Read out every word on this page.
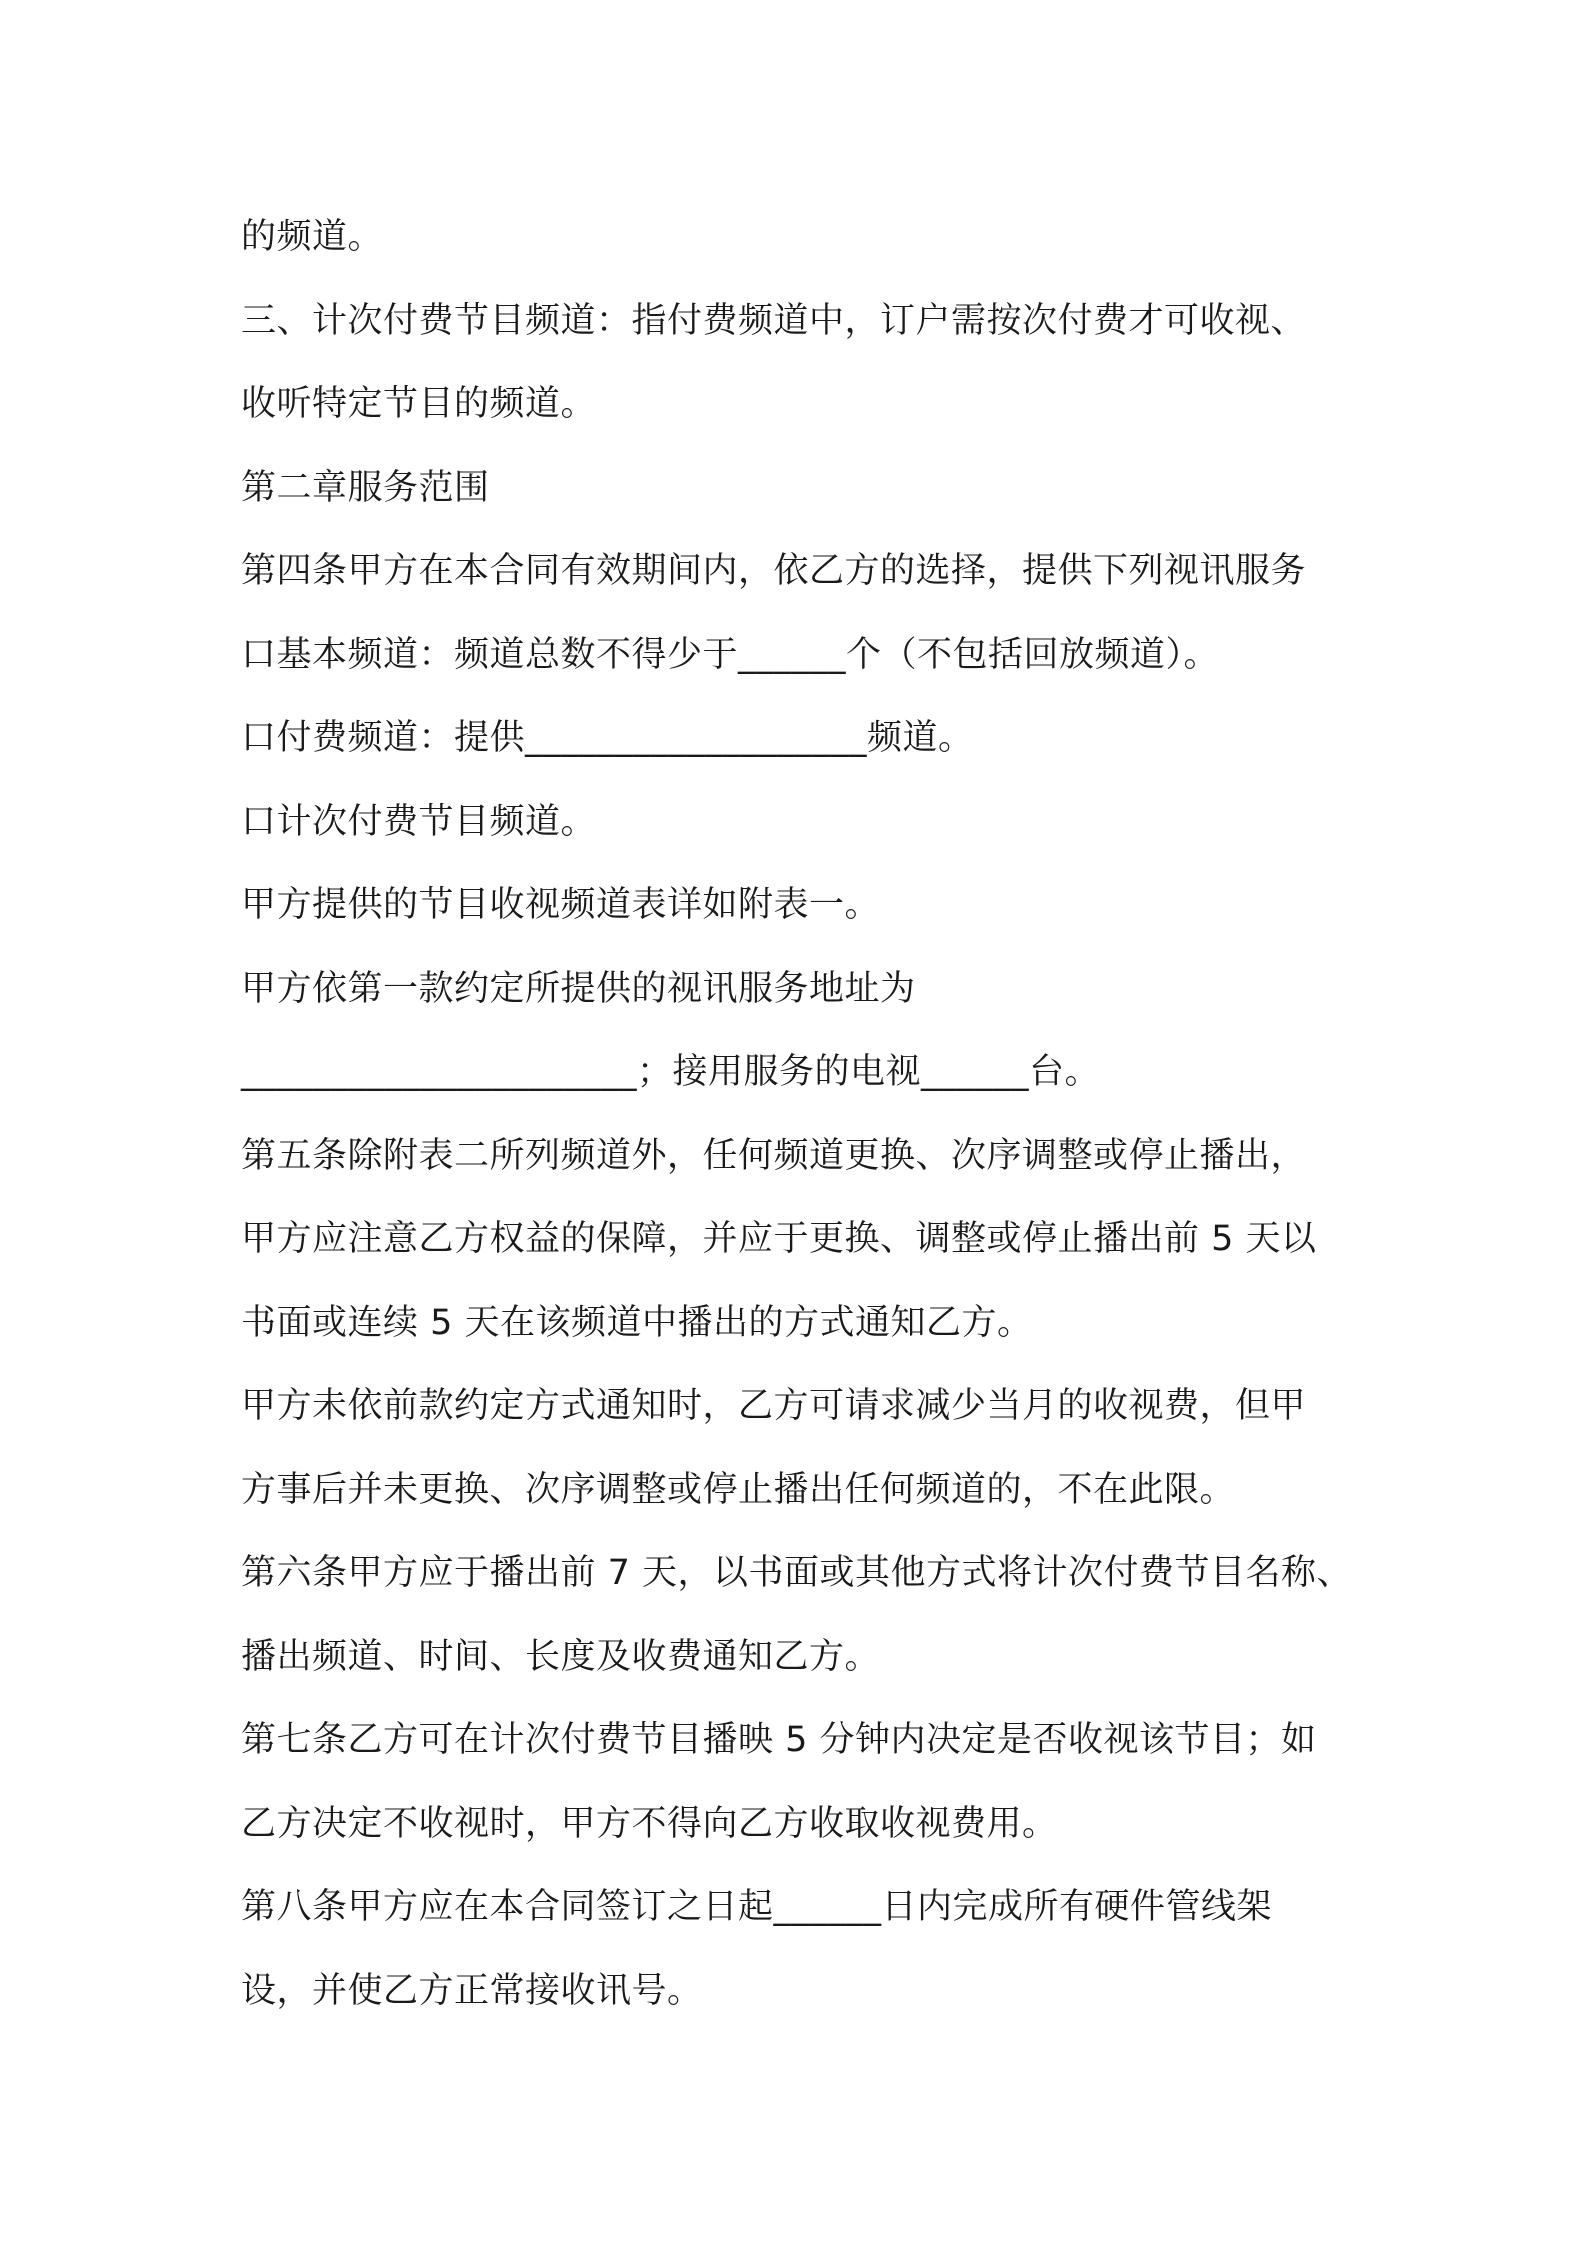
的频道。
三、计次付费节目频道：指付费频道中，订户需按次付费才可收视、
收听特定节目的频道。
第二章服务范围
第四条甲方在本合同有效期间内，依乙方的选择，提供下列视讯服务
口基本频道：频道总数不得少于______个（不包括回放频道）。
口付费频道：提供___________________频道。
口计次付费节目频道。
甲方提供的节目收视频道表详如附表一。
甲方依第一款约定所提供的视讯服务地址为
______________________；接用服务的电视______台。
第五条除附表二所列频道外，任何频道更换、次序调整或停止播出，
甲方应注意乙方权益的保障，并应于更换、调整或停止播出前 5 天以
书面或连续 5 天在该频道中播出的方式通知乙方。
甲方未依前款约定方式通知时，乙方可请求减少当月的收视费，但甲
方事后并未更换、次序调整或停止播出任何频道的，不在此限。
第六条甲方应于播出前 7 天，以书面或其他方式将计次付费节目名称、
播出频道、时间、长度及收费通知乙方。
第七条乙方可在计次付费节目播映 5 分钟内决定是否收视该节目；如
乙方决定不收视时，甲方不得向乙方收取收视费用。
第八条甲方应在本合同签订之日起______日内完成所有硬件管线架
设，并使乙方正常接收讯号。
